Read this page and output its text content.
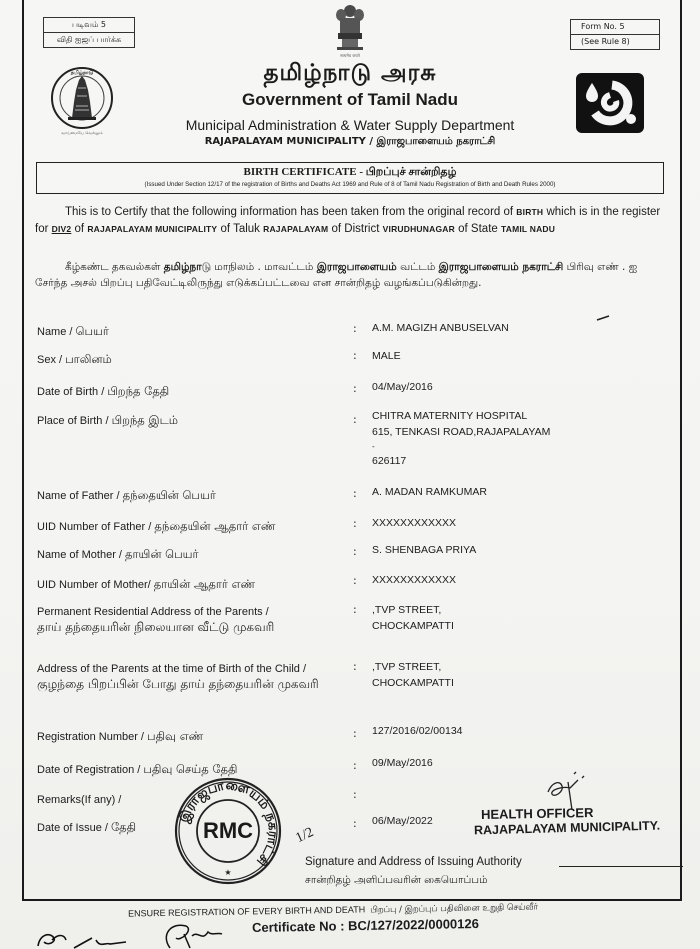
படிவம் 5
விதி ஐஜப் பார்க்க
Form No. 5
(See Rule 8)
सत्यमेव जयते
தமிழ்நாடு
வாய்மையே வெல்லும்
தமிழ்நாடு அரசு
Government of Tamil Nadu
Municipal Administration & Water Supply Department
RAJAPALAYAM MUNICIPALITY / இராஜபாளையம் நகராட்சி
BIRTH CERTIFICATE - பிறப்புச் சான்றிதழ்
(Issued Under Section 12/17 of the registration of Births and Deaths Act 1969 and Rule of 8 of Tamil Nadu Registration of Birth and Death Rules 2000)
This is to Certify that the following information has been taken from the original record of BIRTH which is in the register for DIV2 of RAJAPALAYAM MUNICIPALITY of Taluk RAJAPALAYAM of District VIRUDHUNAGAR of State TAMIL NADU
கீழ்கண்ட தகவல்கள் தமிழ்நாடு மாநிலம் . மாவட்டம் இராஜபாளையம் வட்டம் இராஜபாளையம் நகராட்சி பிரிவு எண் . ஐ சேர்ந்த அசல் பிறப்பு பதிவேட்டிலிருந்து எடுக்கப்பட்டவை என சான்றிதழ் வழங்கப்படுகின்றது.
Name / பெயர்	: A.M. MAGIZH ANBUSELVAN
Sex / பாலினம்	: MALE
Date of Birth / பிறந்த தேதி	: 04/May/2016
Place of Birth / பிறந்த இடம்	: CHITRA MATERNITY HOSPITAL
615, TENKASI ROAD,RAJAPALAYAM
-
626117
Name of Father / தந்தையின் பெயர்	: A. MADAN RAMKUMAR
UID Number of Father / தந்தையின் ஆதார் எண்	: XXXXXXXXXXXX
Name of Mother / தாயின் பெயர்	: S. SHENBAGA PRIYA
UID Number of Mother/ தாயின் ஆதார் எண்	: XXXXXXXXXXXX
Permanent Residential Address of the Parents /
தாய் தந்தையரின் நிலையான வீட்டு முகவரி
: ,TVP STREET,
CHOCKAMPATTI
Address of the Parents at the time of Birth of the Child /
குழந்தை பிறப்பின் போது தாய் தந்தையரின் முகவரி
: ,TVP STREET,
CHOCKAMPATTI
Registration Number / பதிவு எண்	: 127/2016/02/00134
Date of Registration / பதிவு செய்த தேதி	: 09/May/2016
Remarks(If any) /	:
Date of Issue / தேதி	: 06/May/2022
இராஜபாளையம் நகராட்சி
RMC
★
1/2
HEALTH OFFICER
RAJAPALAYAM MUNICIPALITY.
Signature and Address of Issuing Authority
சான்றிதழ் அளிப்பவரின் கையொப்பம்
ENSURE REGISTRATION OF EVERY BIRTH AND DEATH பிறப்பு / இறப்புப் பதிவினை உறுதி செய்வீர்
Certificate No : BC/127/2022/0000126
